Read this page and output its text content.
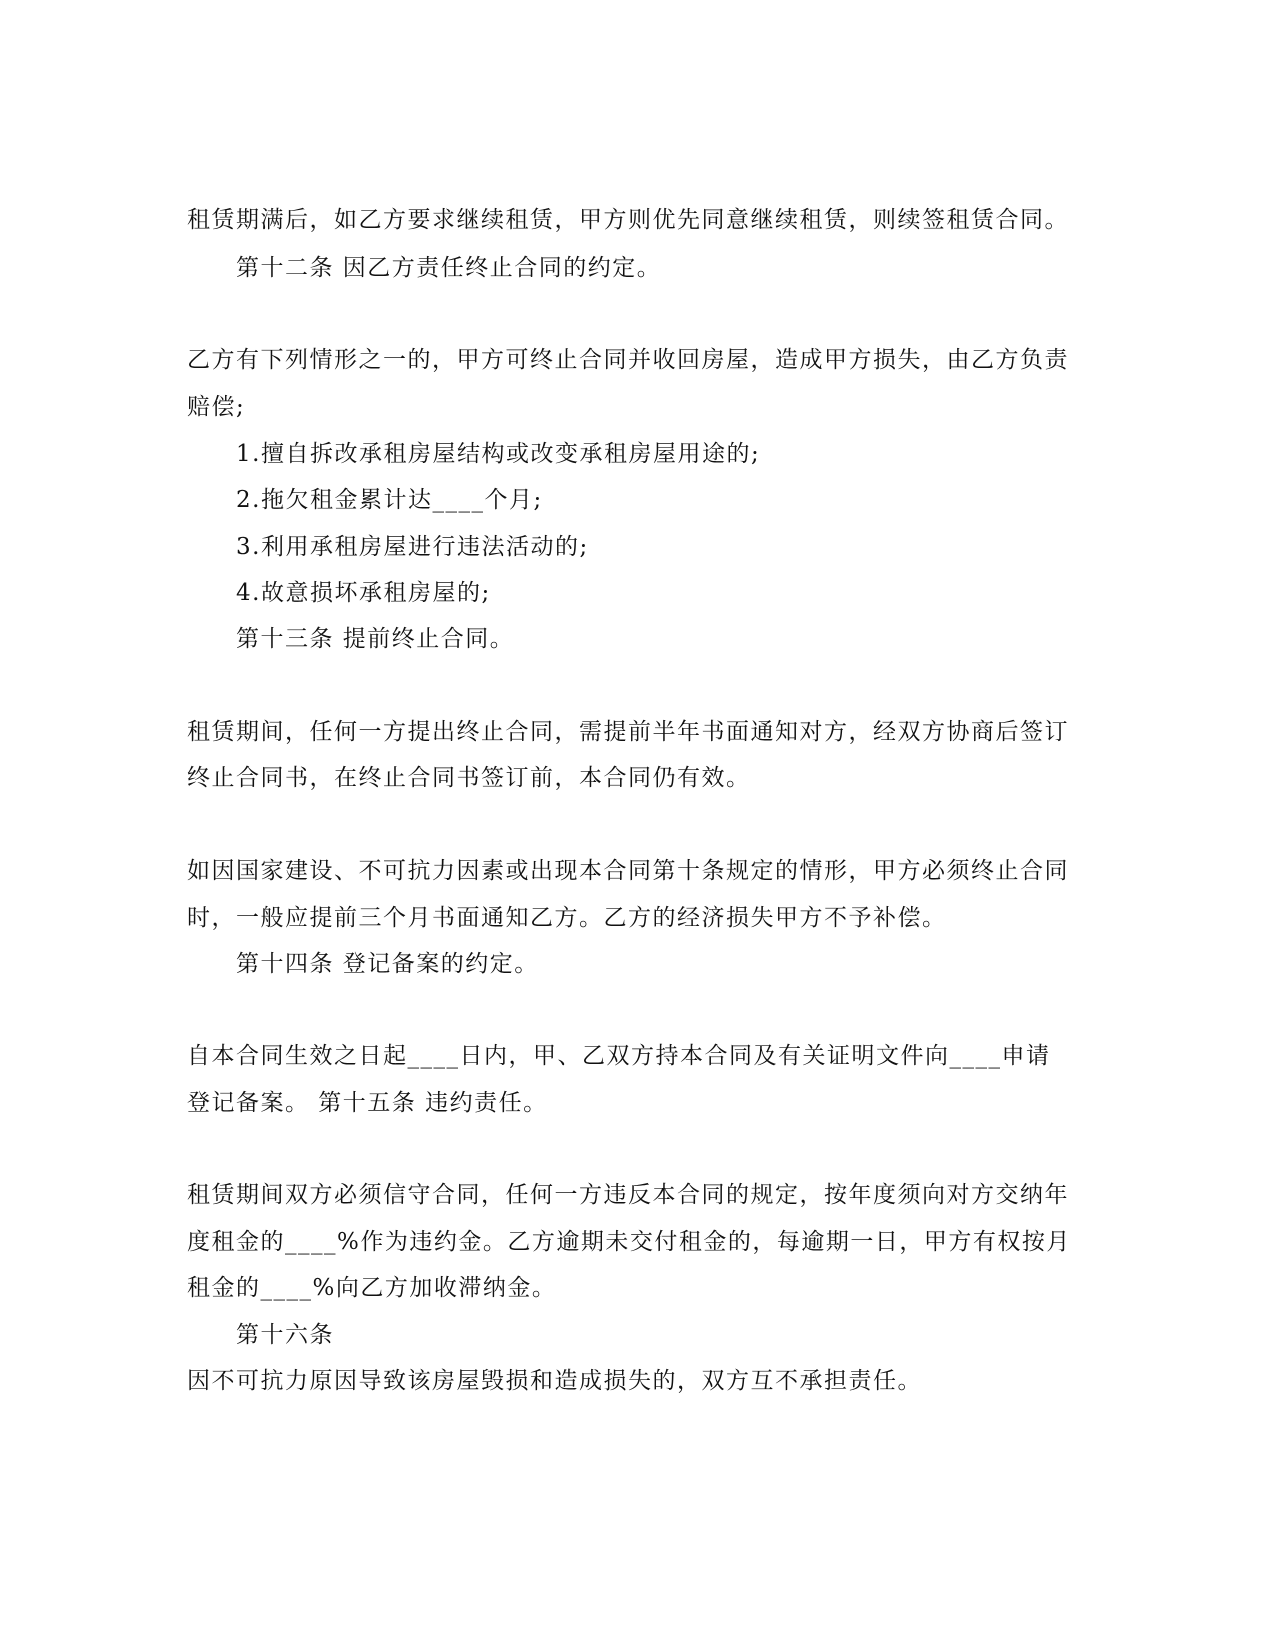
租赁期满后，如乙方要求继续租赁，甲方则优先同意继续租赁，则续签租赁合同。

第十二条 因乙方责任终止合同的约定。

乙方有下列情形之一的，甲方可终止合同并收回房屋，造成甲方损失，由乙方负责

赔偿;

1.擅自拆改承租房屋结构或改变承租房屋用途的;

2.拖欠租金累计达____个月;

3.利用承租房屋进行违法活动的;

4.故意损坏承租房屋的;

第十三条 提前终止合同。

租赁期间，任何一方提出终止合同，需提前半年书面通知对方，经双方协商后签订

终止合同书，在终止合同书签订前，本合同仍有效。

如因国家建设、不可抗力因素或出现本合同第十条规定的情形，甲方必须终止合同

时，一般应提前三个月书面通知乙方。乙方的经济损失甲方不予补偿。

第十四条 登记备案的约定。

自本合同生效之日起____日内，甲、乙双方持本合同及有关证明文件向____申请

登记备案。 第十五条 违约责任。

租赁期间双方必须信守合同，任何一方违反本合同的规定，按年度须向对方交纳年

度租金的____%作为违约金。乙方逾期未交付租金的，每逾期一日，甲方有权按月

租金的____%向乙方加收滞纳金。

第十六条

因不可抗力原因导致该房屋毁损和造成损失的，双方互不承担责任。
